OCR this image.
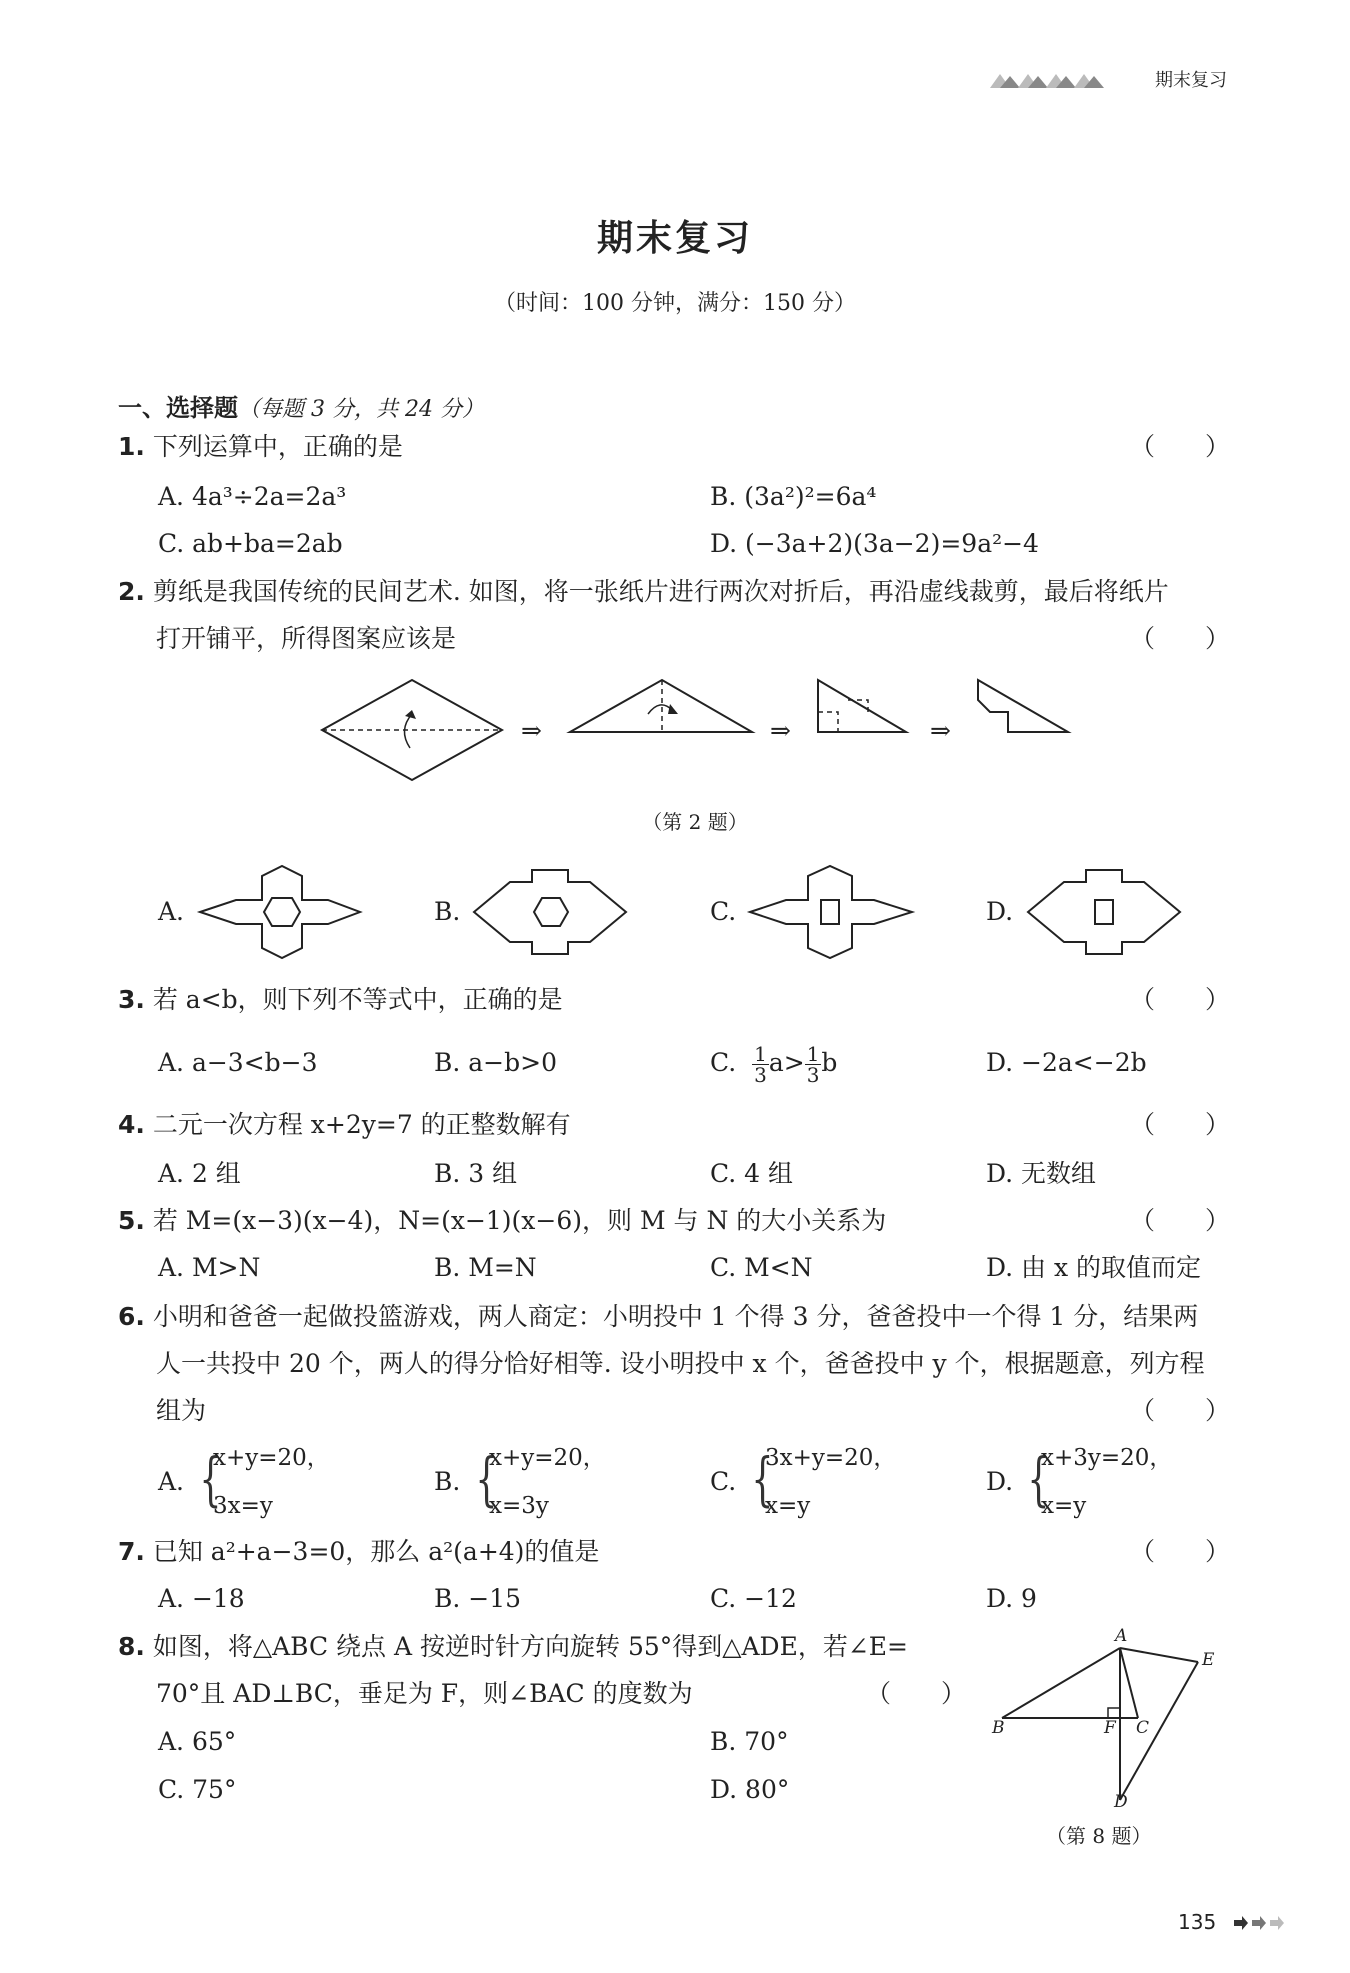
期末复习
期末复习
（时间：100 分钟，满分：150 分）
一、选择题（每题 3 分，共 24 分）
1. 下列运算中，正确的是	（　　）
A. 4a³÷2a=2a³	B. (3a²)²=6a⁴
C. ab+ba=2ab	D. (−3a+2)(3a−2)=9a²−4
2. 剪纸是我国传统的民间艺术. 如图，将一张纸片进行两次对折后，再沿虚线裁剪，最后将纸片
打开铺平，所得图案应该是	（　　）
⇒	⇒	⇒
（第 2 题）
A.	B.	C.	D.
3. 若 a<b，则下列不等式中，正确的是	（　　）
A. a−3<b−3	B. a−b>0	C. $\frac{1}{3} a> \frac{1}{3}$ b	D. −2a<−2b
4. 二元一次方程 x+2y=7 的正整数解有	（　　）
A. 2 组	B. 3 组	C. 4 组	D. 无数组
5. 若 M=(x−3)(x−4)，N=(x−1)(x−6)，则 M 与 N 的大小关系为	（　　）
A. M>N	B. M=N	C. M<N	D. 由 x 的取值而定
6. 小明和爸爸一起做投篮游戏，两人商定：小明投中 1 个得 3 分，爸爸投中一个得 1 分，结果两
人一共投中 20 个，两人的得分恰好相等. 设小明投中 x 个，爸爸投中 y 个，根据题意，列方程
组为	（　　）
A. {
x+y=20，
3x=y
B. {
x+y=20，
x=3y
C. {
3x+y=20，
x=y
D. {
x+3y=20，
x=y
7. 已知 a²+a−3=0，那么 a²(a+4)的值是	（　　）
A. −18	B. −15	C. −12	D. 9
8. 如图，将△ABC 绕点 A 按逆时针方向旋转 55°得到△ADE，若∠E=
70°且 AD⊥BC，垂足为 F，则∠BAC 的度数为	（　　）
A. 65°	B. 70°
C. 75°	D. 80°
A
E
B	F C
D
（第 8 题）
135
